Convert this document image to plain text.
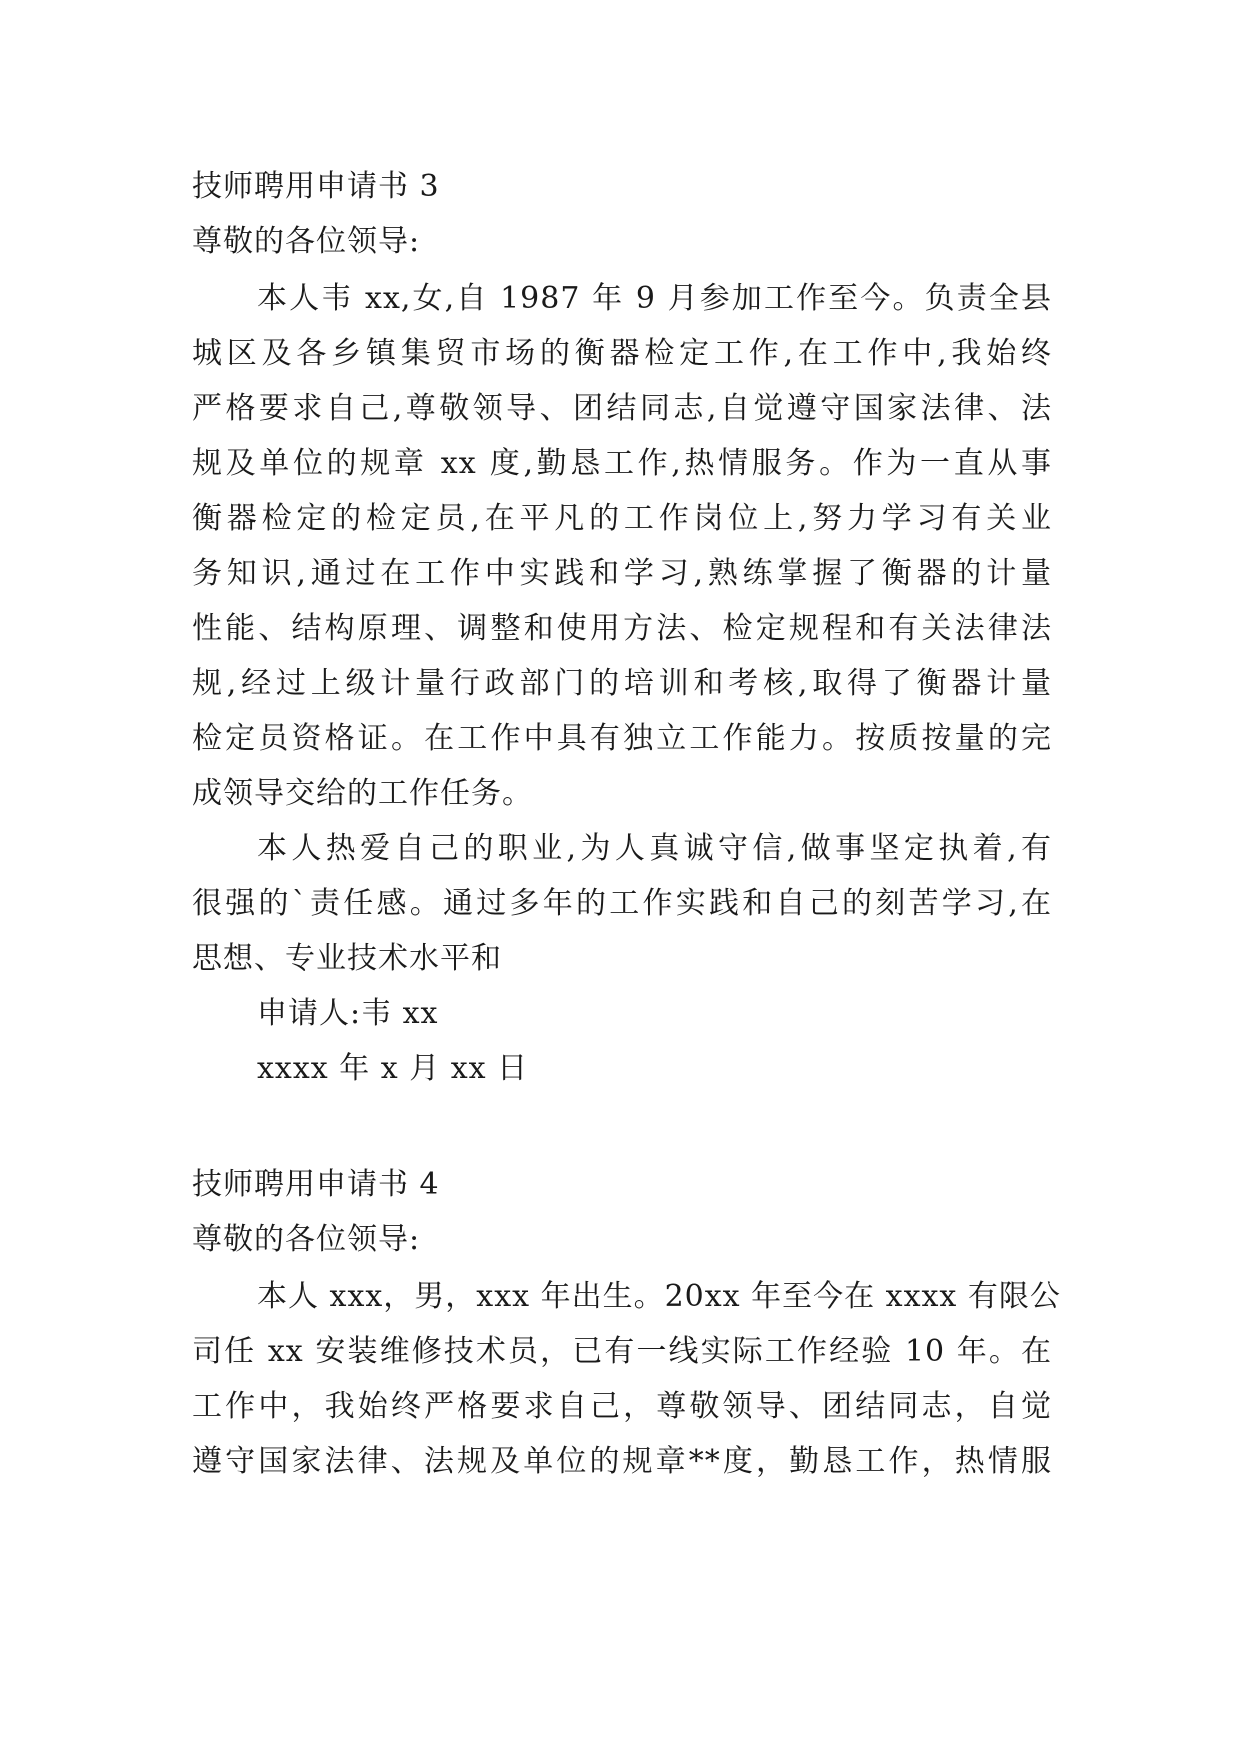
技师聘用申请书 3
尊敬的各位领导:
本人韦 xx,女,自 1987 年 9 月参加工作至今。负责全县
城区及各乡镇集贸市场的衡器检定工作,在工作中,我始终
严格要求自己,尊敬领导、团结同志,自觉遵守国家法律、法
规及单位的规章 xx 度,勤恳工作,热情服务。作为一直从事
衡器检定的检定员,在平凡的工作岗位上,努力学习有关业
务知识,通过在工作中实践和学习,熟练掌握了衡器的计量
性能、结构原理、调整和使用方法、检定规程和有关法律法
规,经过上级计量行政部门的培训和考核,取得了衡器计量
检定员资格证。在工作中具有独立工作能力。按质按量的完
成领导交给的工作任务。
本人热爱自己的职业,为人真诚守信,做事坚定执着,有
很强的`责任感。通过多年的工作实践和自己的刻苦学习,在
思想、专业技术水平和
申请人:韦 xx
xxxx 年 x 月 xx 日
技师聘用申请书 4
尊敬的各位领导:
本人 xxx，男，xxx 年出生。20xx 年至今在 xxxx 有限公
司任 xx 安装维修技术员，已有一线实际工作经验 10 年。在
工作中，我始终严格要求自己，尊敬领导、团结同志，自觉
遵守国家法律、法规及单位的规章**度，勤恳工作，热情服
